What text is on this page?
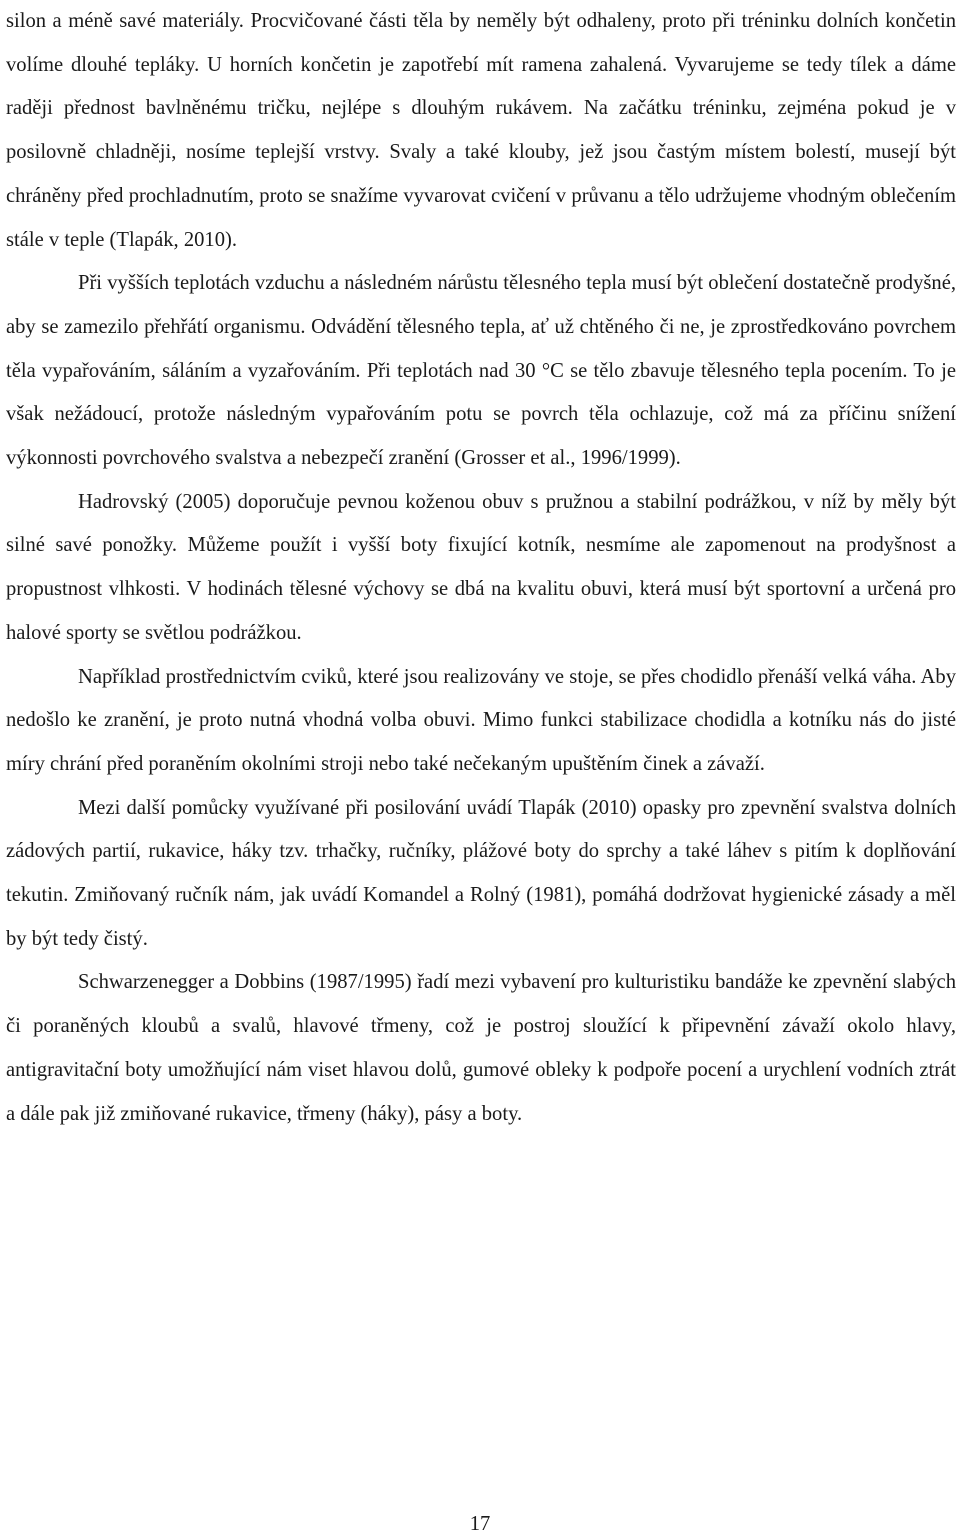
silon a méně savé materiály. Procvičované části těla by neměly být odhaleny, proto při tréninku dolních končetin volíme dlouhé tepláky. U horních končetin je zapotřebí mít ramena zahalená. Vyvarujeme se tedy tílek a dáme raději přednost bavlněnému tričku, nejlépe s dlouhým rukávem. Na začátku tréninku, zejména pokud je v posilovně chladněji, nosíme teplejší vrstvy. Svaly a také klouby, jež jsou častým místem bolestí, musejí být chráněny před prochladnutím, proto se snažíme vyvarovat cvičení v průvanu a tělo udržujeme vhodným oblečením stále v teple (Tlapák, 2010).

Při vyšších teplotách vzduchu a následném nárůstu tělesného tepla musí být oblečení dostatečně prodyšné, aby se zamezilo přehřátí organismu. Odvádění tělesného tepla, ať už chtěného či ne, je zprostředkováno povrchem těla vypařováním, sáláním a vyzařováním. Při teplotách nad 30 °C se tělo zbavuje tělesného tepla pocením. To je však nežádoucí, protože následným vypařováním potu se povrch těla ochlazuje, což má za příčinu snížení výkonnosti povrchového svalstva a nebezpečí zranění (Grosser et al., 1996/1999).

Hadrovský (2005) doporučuje pevnou koženou obuv s pružnou a stabilní podrážkou, v níž by měly být silné savé ponožky. Můžeme použít i vyšší boty fixující kotník, nesmíme ale zapomenout na prodyšnost a propustnost vlhkosti. V hodinách tělesné výchovy se dbá na kvalitu obuvi, která musí být sportovní a určená pro halové sporty se světlou podrážkou.

Například prostřednictvím cviků, které jsou realizovány ve stoje, se přes chodidlo přenáší velká váha. Aby nedošlo ke zranění, je proto nutná vhodná volba obuvi. Mimo funkci stabilizace chodidla a kotníku nás do jisté míry chrání před poraněním okolními stroji nebo také nečekaným upuštěním činek a závaží.

Mezi další pomůcky využívané při posilování uvádí Tlapák (2010) opasky pro zpevnění svalstva dolních zádových partií, rukavice, háky tzv. trhačky, ručníky, plážové boty do sprchy a také láhev s pitím k doplňování tekutin. Zmiňovaný ručník nám, jak uvádí Komandel a Rolný (1981), pomáhá dodržovat hygienické zásady a měl by být tedy čistý.

Schwarzenegger a Dobbins (1987/1995) řadí mezi vybavení pro kulturistiku bandáže ke zpevnění slabých či poraněných kloubů a svalů, hlavové třmeny, což je postroj sloužící k připevnění závaží okolo hlavy, antigravitační boty umožňující nám viset hlavou dolů, gumové obleky k podpoře pocení a urychlení vodních ztrát a dále pak již zmiňované rukavice, třmeny (háky), pásy a boty.

17
